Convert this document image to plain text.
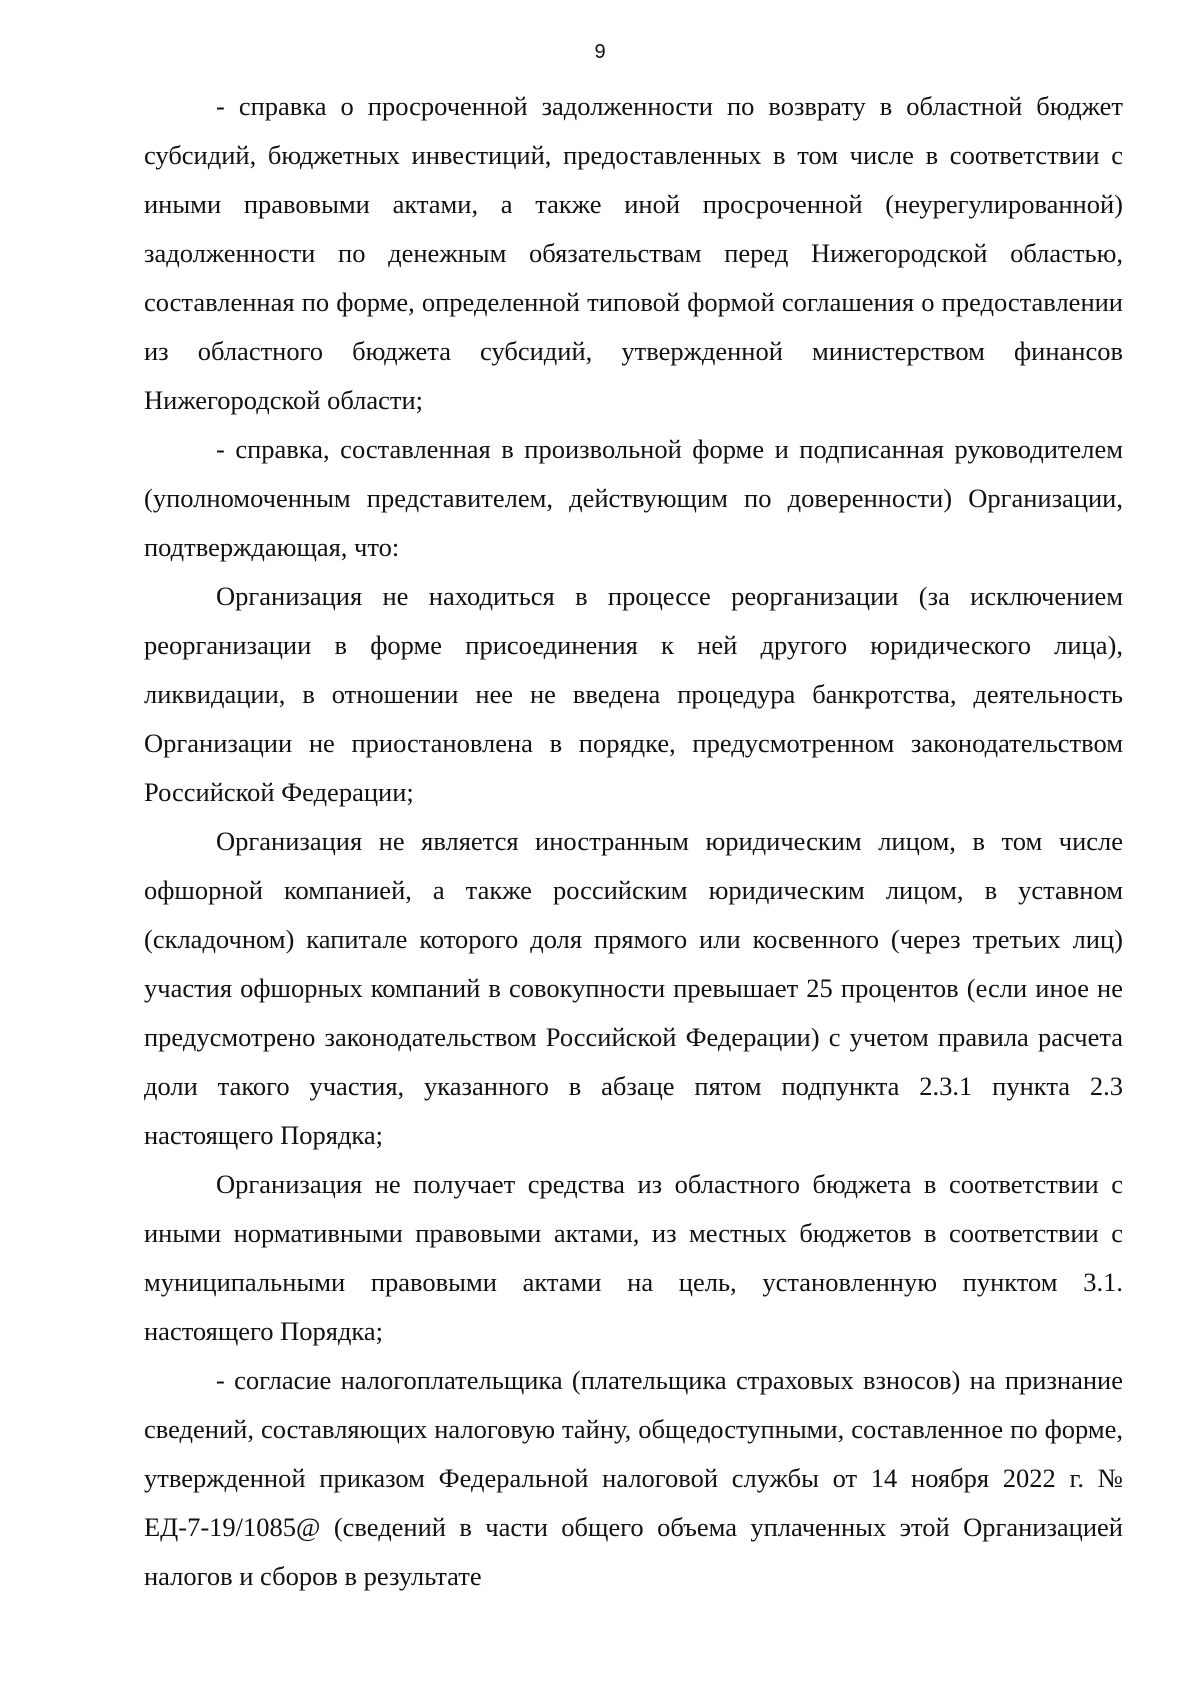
9

- справка о просроченной задолженности по возврату в областной бюджет субсидий, бюджетных инвестиций, предоставленных в том числе в соответствии с иными правовыми актами, а также иной просроченной (неурегулированной) задолженности по денежным обязательствам перед Нижегородской областью, составленная по форме, определенной типовой формой соглашения о предоставлении из областного бюджета субсидий, утвержденной министерством финансов Нижегородской области;

- справка, составленная в произвольной форме и подписанная руководителем (уполномоченным представителем, действующим по доверенности) Организации, подтверждающая, что:

Организация не находиться в процессе реорганизации (за исключением реорганизации в форме присоединения к ней другого юридического лица), ликвидации, в отношении нее не введена процедура банкротства, деятельность Организации не приостановлена в порядке, предусмотренном законодательством Российской Федерации;

Организация не является иностранным юридическим лицом, в том числе офшорной компанией, а также российским юридическим лицом, в уставном (складочном) капитале которого доля прямого или косвенного (через третьих лиц) участия офшорных компаний в совокупности превышает 25 процентов (если иное не предусмотрено законодательством Российской Федерации) с учетом правила расчета доли такого участия, указанного в абзаце пятом подпункта 2.3.1 пункта 2.3 настоящего Порядка;

Организация не получает средства из областного бюджета в соответствии с иными нормативными правовыми актами, из местных бюджетов в соответствии с муниципальными правовыми актами на цель, установленную пунктом 3.1. настоящего Порядка;

- согласие налогоплательщика (плательщика страховых взносов) на признание сведений, составляющих налоговую тайну, общедоступными, составленное по форме, утвержденной приказом Федеральной налоговой службы от 14 ноября 2022 г. № ЕД-7-19/1085@ (сведений в части общего объема уплаченных этой Организацией налогов и сборов в результате
